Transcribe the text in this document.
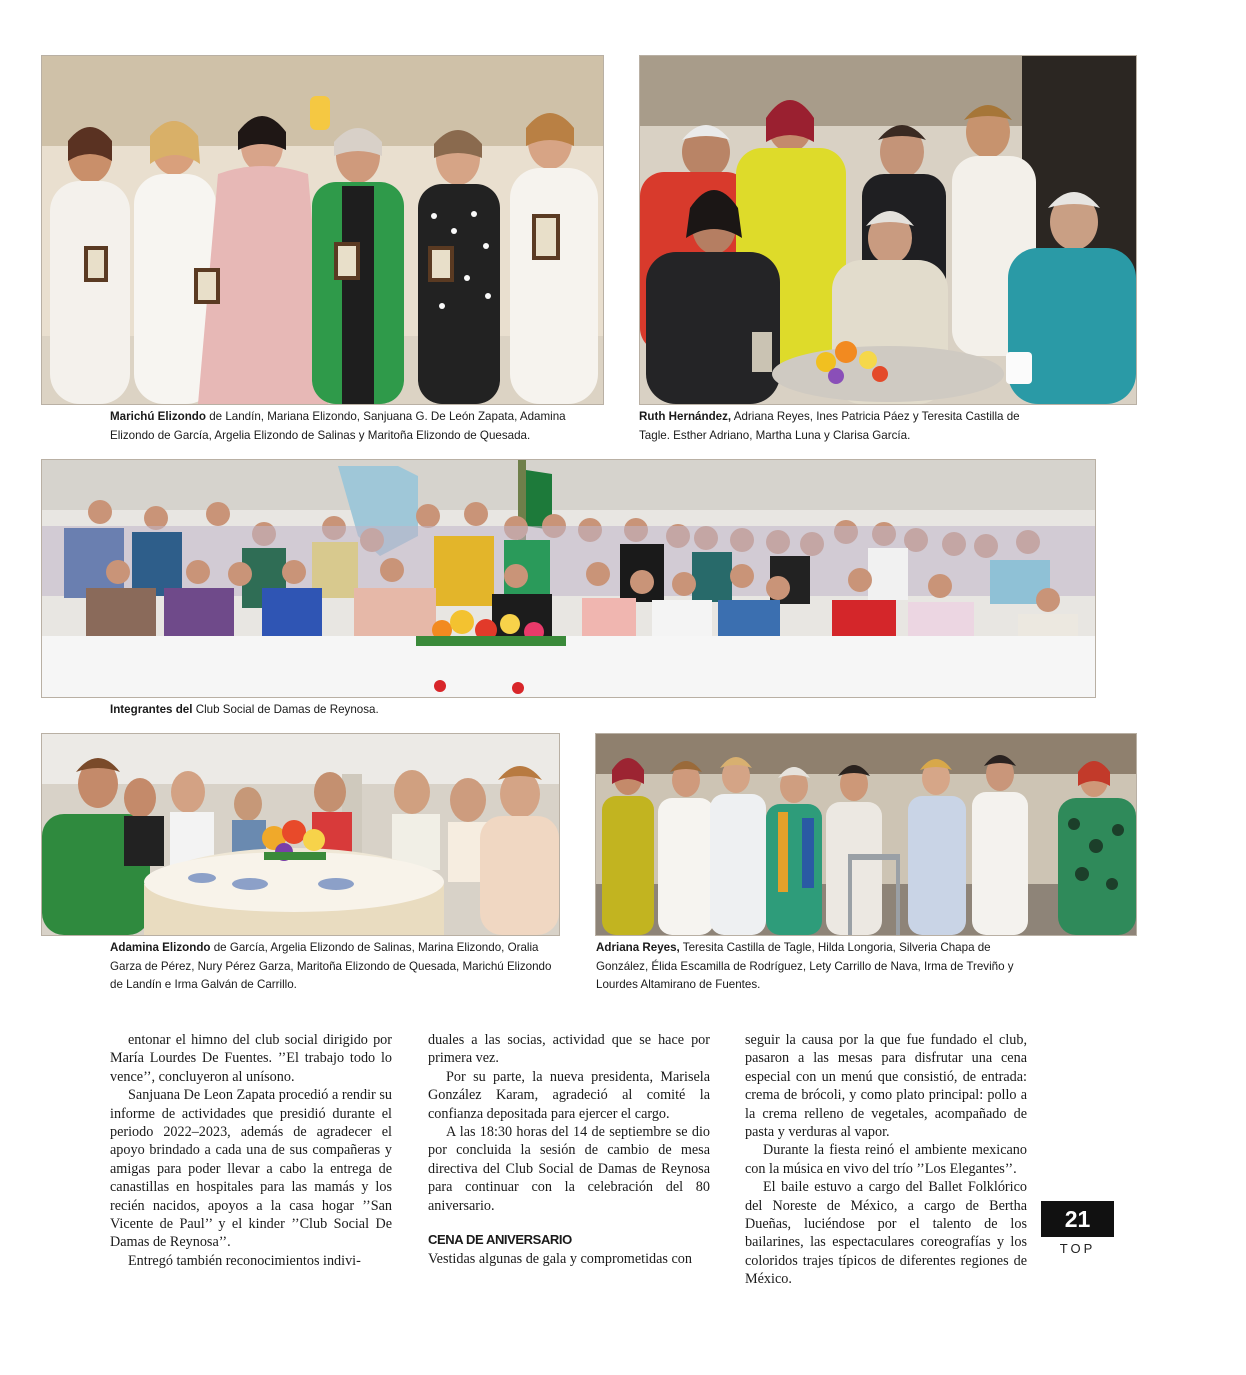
Marichú Elizondo de Landín, Mariana Elizondo, Sanjuana G. De León Zapata, Adamina Elizondo de García, Argelia Elizondo de Salinas y Maritoña Elizondo de Quesada.
Ruth Hernández, Adriana Reyes, Ines Patricia Páez y Teresita Castilla de Tagle. Esther Adriano, Martha Luna y Clarisa García.
Integrantes del Club Social de Damas de Reynosa.
Adamina Elizondo de García, Argelia Elizondo de Salinas, Marina Elizondo, Oralia Garza de Pérez, Nury Pérez Garza, Maritoña Elizondo de Quesada, Marichú Elizondo de Landín e Irma Galván de Carrillo.
Adriana Reyes, Teresita Castilla de Tagle, Hilda Longoria, Silveria Chapa de González, Élida Escamilla de Rodríguez, Lety Carrillo de Nava, Irma de Treviño y Lourdes Altamirano de Fuentes.

entonar el himno del club social dirigido por María Lourdes De Fuentes. ’’El trabajo todo lo vence’’, concluyeron al unísono.

Sanjuana De Leon Zapata procedió a rendir su informe de actividades que presidió durante el periodo 2022–2023, además de agradecer el apoyo brindado a cada una de sus compañeras y amigas para poder llevar a cabo la entrega de canastillas en hospitales para las mamás y los recién nacidos, apoyos a la casa hogar ’’San Vicente de Paul’’ y el kinder ’’Club Social De Damas de Reynosa’’.

Entregó también reconocimientos indivi-

duales a las socias, actividad que se hace por primera vez.

Por su parte, la nueva presidenta, Marisela González Karam, agradeció al comité la confianza depositada para ejercer el cargo.

A las 18:30 horas del 14 de septiembre se dio por concluida la sesión de cambio de mesa directiva del Club Social de Damas de Reynosa para continuar con la celebración del 80 aniversario.

CENA DE ANIVERSARIO

Vestidas algunas de gala y comprometidas con

seguir la causa por la que fue fundado el club, pasaron a las mesas para disfrutar una cena especial con un menú que consistió, de entrada: crema de brócoli, y como plato principal: pollo a la crema relleno de vegetales, acompañado de pasta y verduras al vapor.

Durante la fiesta reinó el ambiente mexicano con la música en vivo del trío ’’Los Elegantes’’.

El baile estuvo a cargo del Ballet Folklórico del Noreste de México, a cargo de Bertha Dueñas, luciéndose por el talento de los bailarines, las espectaculares coreografías y los coloridos trajes típicos de diferentes regiones de México.

21
TOP
